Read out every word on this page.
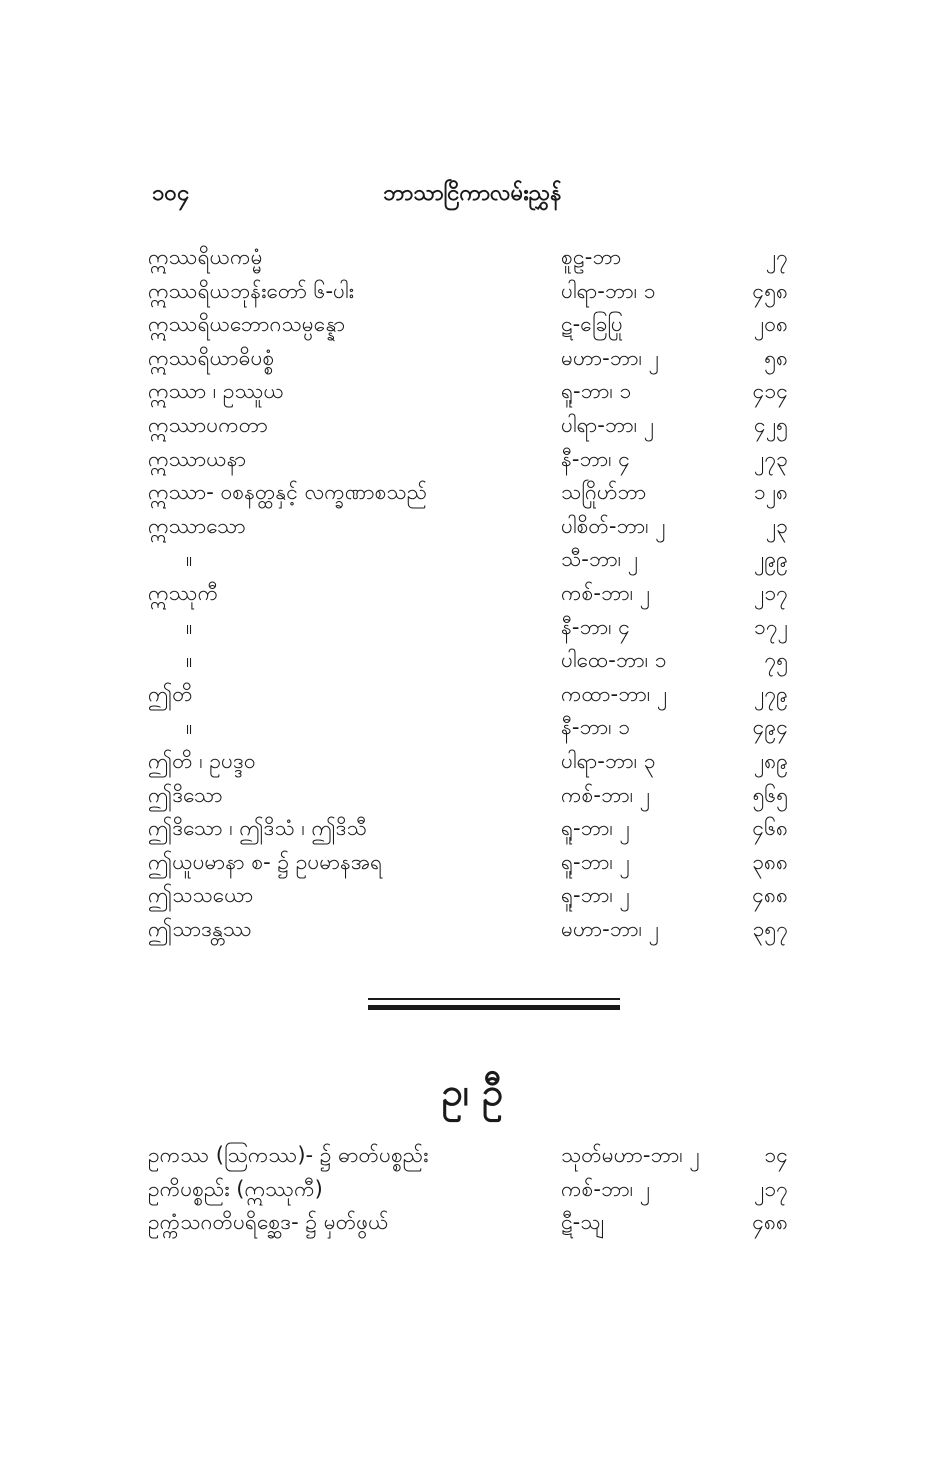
၁၀၄	ဘာသာငြိကာလမ်းညွှန်
ဣဿရိယကမ္မံ	စူဠ-ဘာ	၂၇
ဣဿရိယဘုန်းတော် ၆-ပါး	ပါရာ-ဘာ၊ ၁	၄၅၈
ဣဿရိယဘောဂသမ္ပန္နော	ဋ-ခြေပြု	၂၀၈
ဣဿရိယာဓိပစ္စံ	မဟာ-ဘာ၊ ၂	၅၈
ဣဿာ ၊ ဥဿူယ	ရူ-ဘာ၊ ၁	၄၁၄
ဣဿာပကတာ	ပါရာ-ဘာ၊ ၂	၄၂၅
ဣဿာယနာ	နီ-ဘာ၊ ၄	၂၇၃
ဣဿာ- ဝစနတ္ထနှင့် လက္ခဏာစသည်	သဂြိုဟ်ဘာ	၁၂၈
ဣဿာသော	ပါစိတ်-ဘာ၊ ၂	၂၃
။	သီ-ဘာ၊ ၂	၂၉၉
ဣဿုကီ	ကစ်-ဘာ၊ ၂	၂၁၇
။	နီ-ဘာ၊ ၄	၁၇၂
။	ပါထေ-ဘာ၊ ၁	၇၅
ဤတိ	ကထာ-ဘာ၊ ၂	၂၇၉
။	နီ-ဘာ၊ ၁	၄၉၄
ဤတိ ၊ ဥပဒ္ဒဝ	ပါရာ-ဘာ၊ ၃	၂၈၉
ဤဒိသော	ကစ်-ဘာ၊ ၂	၅၆၅
ဤဒိသော ၊ ဤဒိသံ ၊ ဤဒိသီ	ရူ-ဘာ၊ ၂	၄၆၈
ဤယူပမာနာ စ- ၌ ဥပမာနအရ	ရူ-ဘာ၊ ၂	၃၈၈
ဤသသယော	ရူ-ဘာ၊ ၂	၄၈၈
ဤသာဒန္တဿ	မဟာ-ဘာ၊ ၂	၃၅၇
ဥ၊ ဦ
ဥကဿ (ဩကဿ)- ၌ ဓာတ်ပစ္စည်း	သုတ်မဟာ-ဘာ၊ ၂	၁၄
ဥကိပစ္စည်း (ဣဿုကီ)	ကစ်-ဘာ၊ ၂	၂၁၇
ဥက္ကံသဂတိပရိစ္ဆေဒ- ၌ မှတ်ဖွယ်	ဋီ-သျ	၄၈၈
